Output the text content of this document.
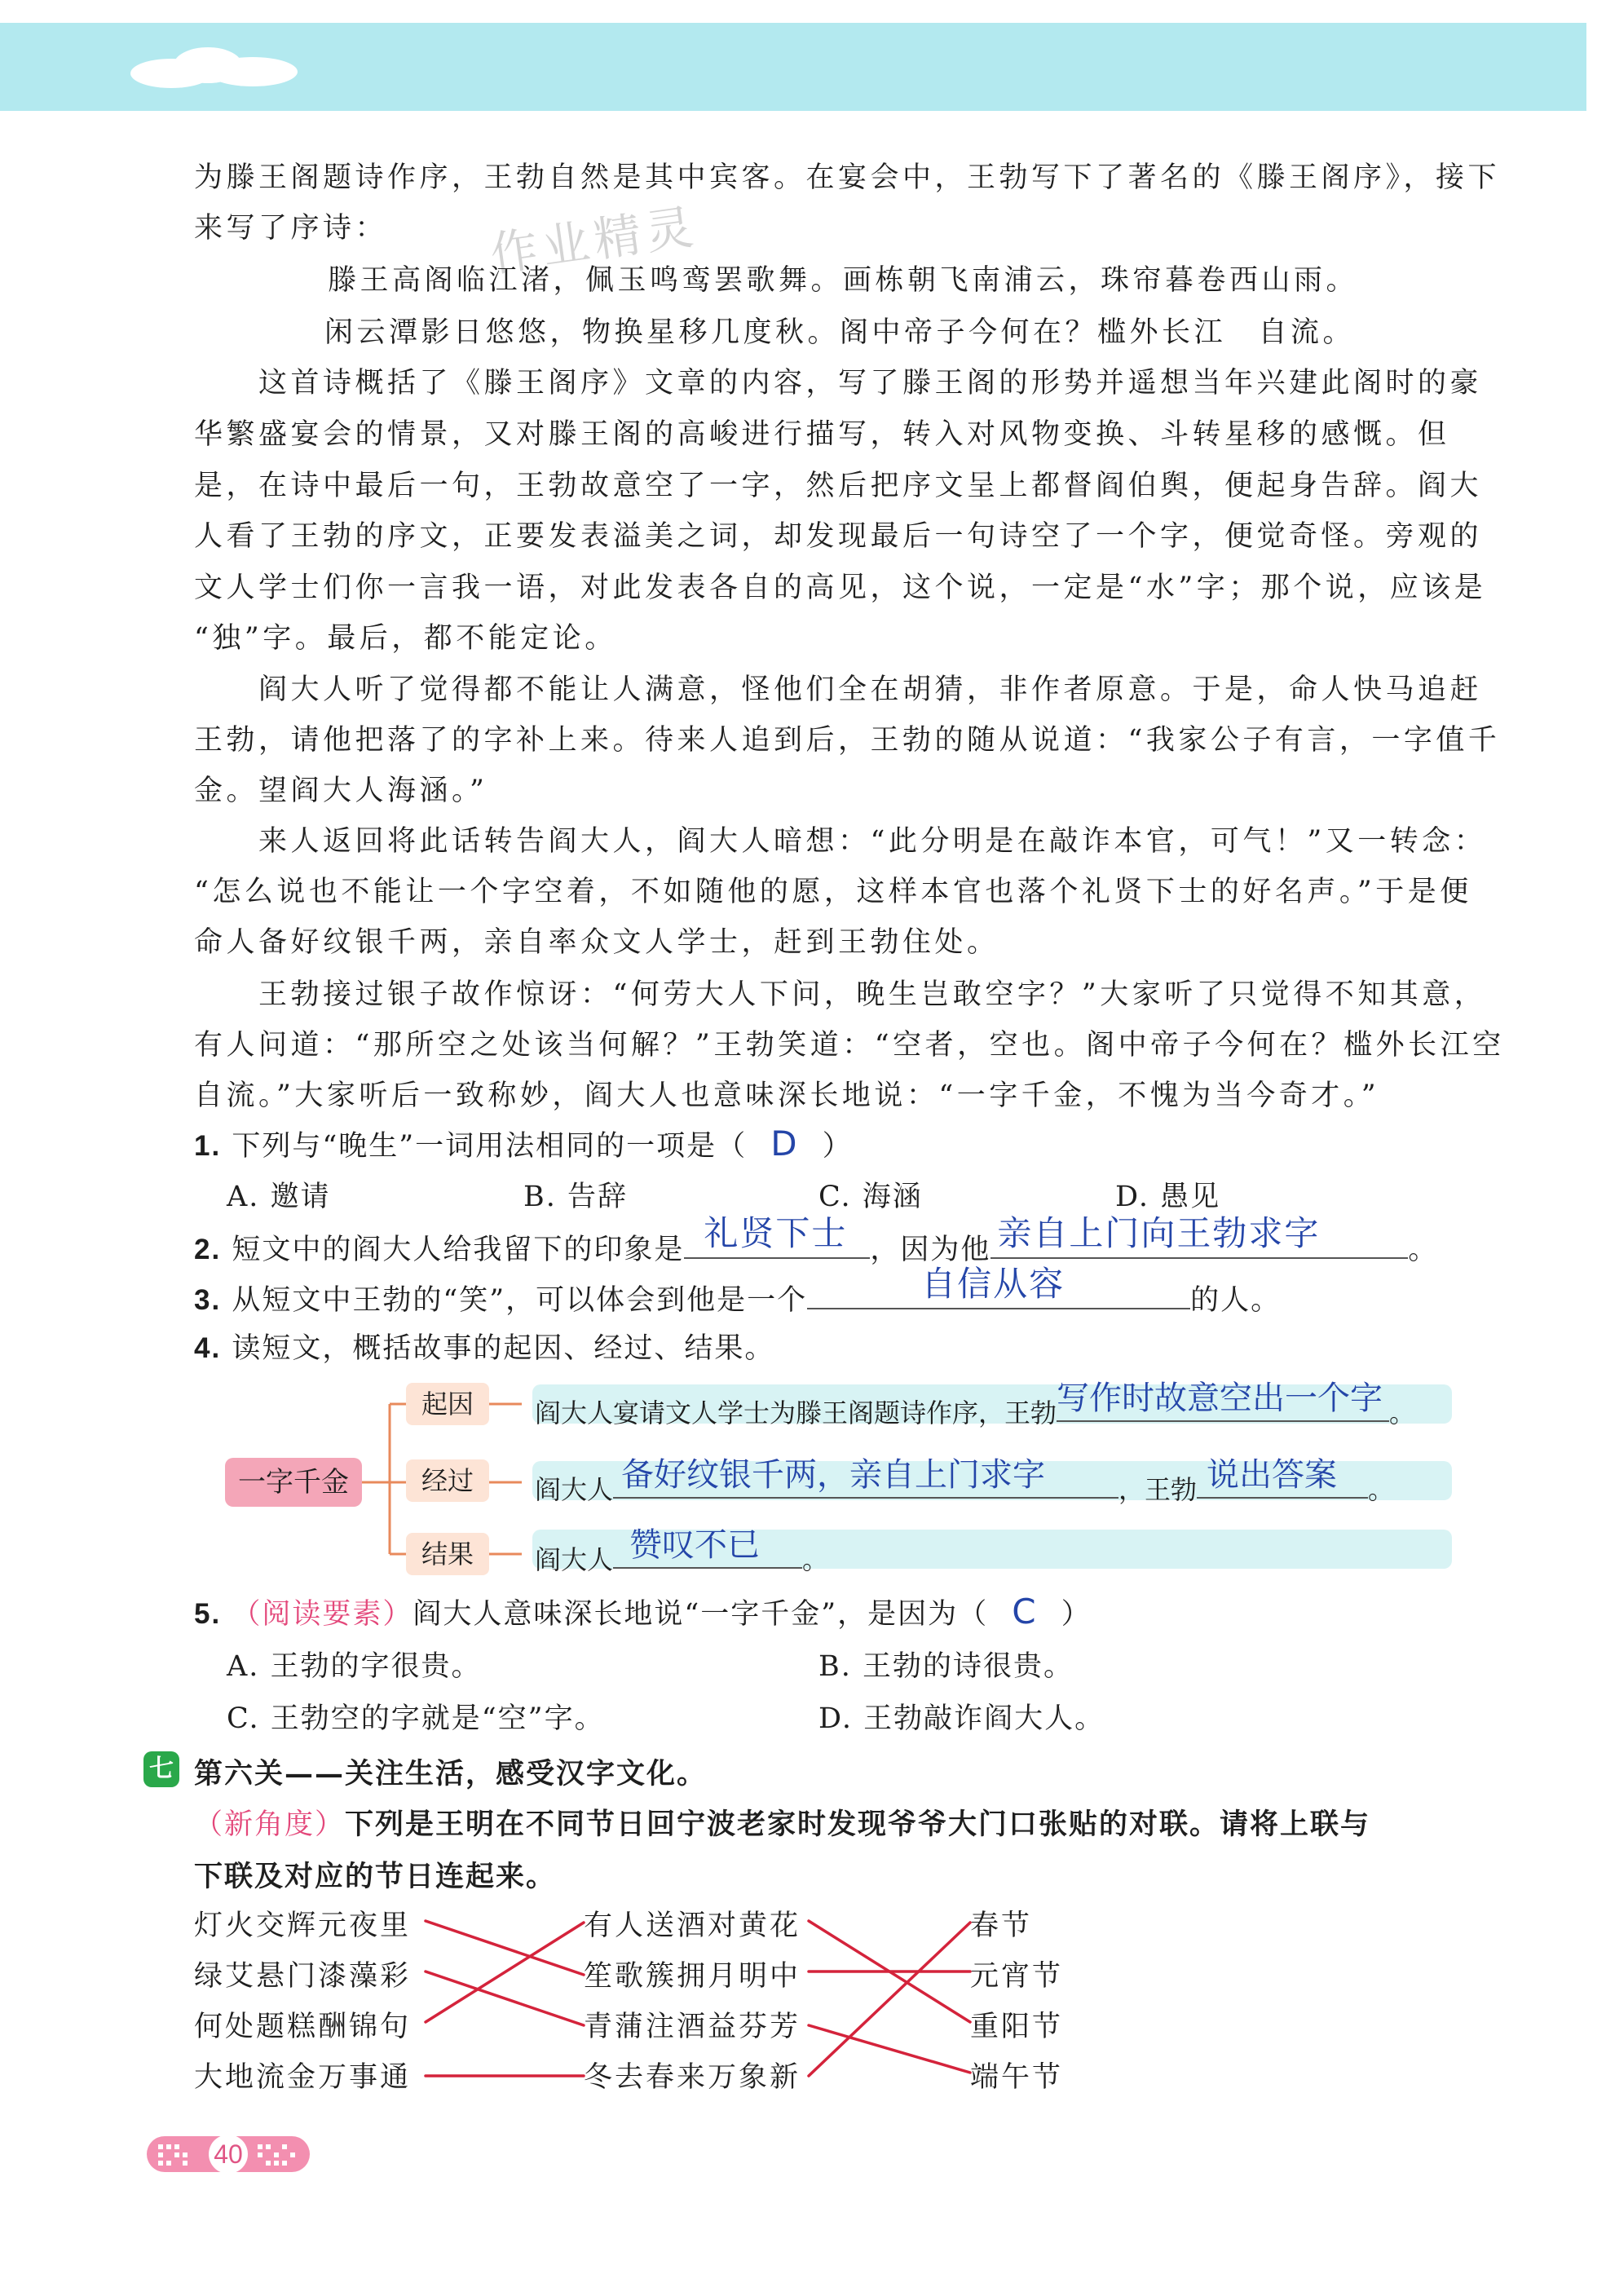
作业精灵
为滕王阁题诗作序，王勃自然是其中宾客。在宴会中，王勃写下了著名的《滕王阁序》，接下
来写了序诗：
滕王高阁临江渚，佩玉鸣鸾罢歌舞。画栋朝飞南浦云，珠帘暮卷西山雨。
闲云潭影日悠悠，物换星移几度秋。阁中帝子今何在？槛外长江　自流。
　　这首诗概括了《滕王阁序》文章的内容，写了滕王阁的形势并遥想当年兴建此阁时的豪
华繁盛宴会的情景，又对滕王阁的高峻进行描写，转入对风物变换、斗转星移的感慨。但
是，在诗中最后一句，王勃故意空了一字，然后把序文呈上都督阎伯舆，便起身告辞。阎大
人看了王勃的序文，正要发表溢美之词，却发现最后一句诗空了一个字，便觉奇怪。旁观的
文人学士们你一言我一语，对此发表各自的高见，这个说，一定是“水”字；那个说，应该是
“独”字。最后，都不能定论。
　　阎大人听了觉得都不能让人满意，怪他们全在胡猜，非作者原意。于是，命人快马追赶
王勃，请他把落了的字补上来。待来人追到后，王勃的随从说道：“我家公子有言，一字值千
金。望阎大人海涵。”
　　来人返回将此话转告阎大人，阎大人暗想：“此分明是在敲诈本官，可气！”又一转念：
“怎么说也不能让一个字空着，不如随他的愿，这样本官也落个礼贤下士的好名声。”于是便
命人备好纹银千两，亲自率众文人学士，赶到王勃住处。
　　王勃接过银子故作惊讶：“何劳大人下问，晚生岂敢空字？”大家听了只觉得不知其意，
有人问道：“那所空之处该当何解？”王勃笑道：“空者，空也。阁中帝子今何在？槛外长江空
自流。”大家听后一致称妙，阎大人也意味深长地说：“一字千金，不愧为当今奇才。”
1. 下列与“晚生”一词用法相同的一项是（ D ）
A. 邀请	B. 告辞	C. 海涵	D. 愚见
2. 短文中的阎大人给我留下的印象是 礼贤下士 ，因为他 亲自上门向王勃求字	。
3. 从短文中王勃的“笑”，可以体会到他是一个	自信从容	的人。
4. 读短文，概括故事的起因、经过、结果。
一字千金
起因	阎大人宴请文人学士为滕王阁题诗作序，王勃 写作时故意空出一个字 。
经过	阎大人 备好纹银千两，亲自上门求字	，王勃 说出答案 。
结果	阎大人 赞叹不已 。
5. （阅读要素）阎大人意味深长地说“一字千金”，是因为（ C ）
A. 王勃的字很贵。	B. 王勃的诗很贵。
C. 王勃空的字就是“空”字。	D. 王勃敲诈阎大人。
七 第六关——关注生活，感受汉字文化。
（新角度）下列是王明在不同节日回宁波老家时发现爷爷大门口张贴的对联。请将上联与
下联及对应的节日连起来。
灯火交辉元夜里
绿艾悬门漆藻彩
何处题糕酬锦句
大地流金万事通
有人送酒对黄花
笙歌簇拥月明中
青蒲注酒益芬芳
冬去春来万象新
春节
元宵节
重阳节
端午节
40
